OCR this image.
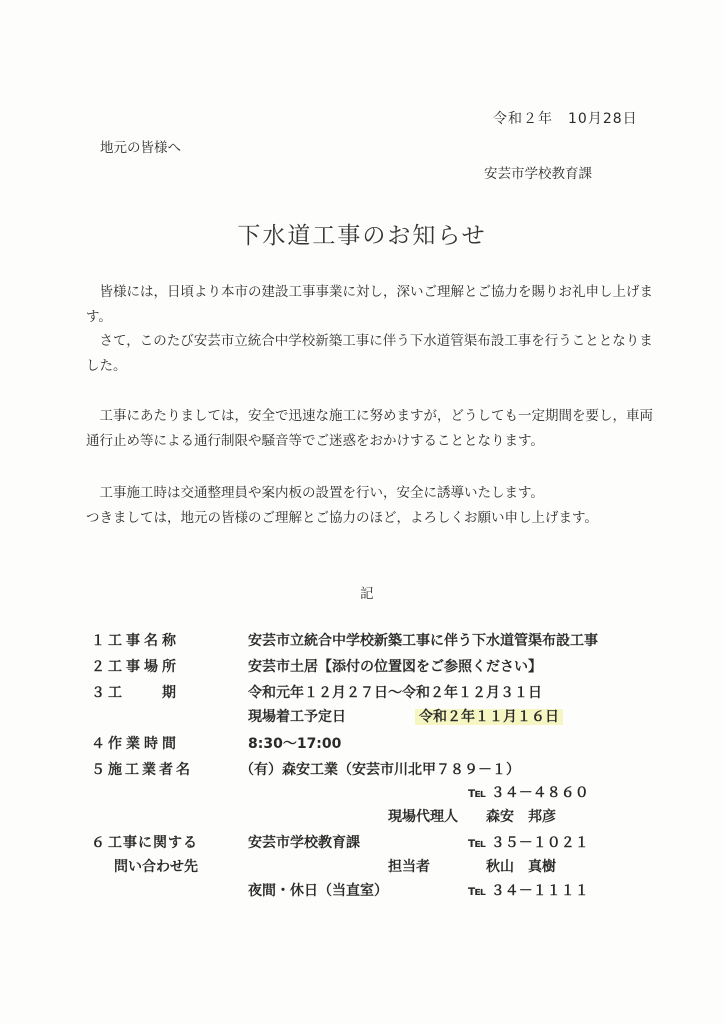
令和２年　10月28日
地元の皆様へ
安芸市学校教育課
下水道工事のお知らせ
　皆様には，日頃より本市の建設工事事業に対し，深いご理解とご協力を賜りお礼申し上げます。
　さて，このたび安芸市立統合中学校新築工事に伴う下水道管渠布設工事を行うこととなりました。
　工事にあたりましては，安全で迅速な施工に努めますが，どうしても一定期間を要し，車両通行止め等による通行制限や騒音等でご迷惑をおかけすることとなります。
　工事施工時は交通整理員や案内板の設置を行い，安全に誘導いたします。
つきましては，地元の皆様のご理解とご協力のほど，よろしくお願い申し上げます。
記
１ 工事名称	安芸市立統合中学校新築工事に伴う下水道管渠布設工事
２ 工事場所	安芸市土居【添付の位置図をご参照ください】
３ 工　　期	令和元年１２月２７日～令和２年１２月３１日
現場着工予定日	令和２年１１月１６日
４ 作業時間	8:30～17:00
５ 施工業者名	（有）森安工業（安芸市川北甲７８９－１）
℡ ３４－４８６０
現場代理人 森安　邦彦
６ 工事に関する
問い合わせ先
安芸市学校教育課	℡ ３５－１０２１
担当者	秋山　真樹
夜間・休日（当直室）	℡ ３４－１１１１
